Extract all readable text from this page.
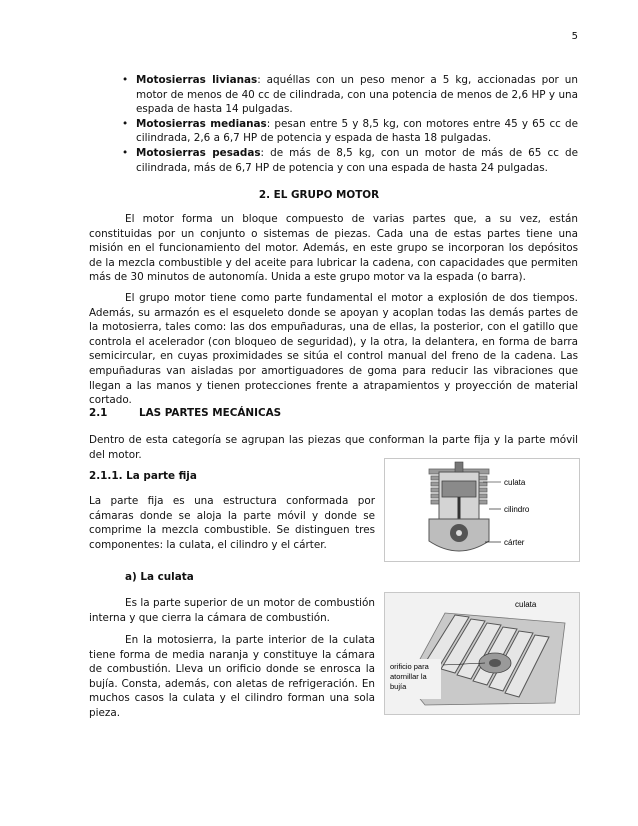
5
• Motosierras livianas: aquéllas con un peso menor a 5 kg, accionadas por un motor de menos de 40 cc de cilindrada, con una potencia de menos de 2,6 HP y una espada de hasta 14 pulgadas.
• Motosierras medianas: pesan entre 5 y 8,5 kg, con motores entre 45 y 65 cc de cilindrada, 2,6 a 6,7 HP de potencia y espada de hasta 18 pulgadas.
• Motosierras pesadas: de más de 8,5 kg, con un motor de más de 65 cc de cilindrada, más de 6,7 HP de potencia y con una espada de hasta 24 pulgadas.
2. EL GRUPO MOTOR
El motor forma un bloque compuesto de varias partes que, a su vez, están constituidas por un conjunto o sistemas de piezas. Cada una de estas partes tiene una misión en el funcionamiento del motor. Además, en este grupo se incorporan los depósitos de la mezcla combustible y del aceite para lubricar la cadena, con capacidades que permiten más de 30 minutos de autonomía. Unida a este grupo motor va la espada (o barra).
El grupo motor tiene como parte fundamental el motor a explosión de dos tiempos. Además, su armazón es el esqueleto donde se apoyan y acoplan todas las demás partes de la motosierra, tales como: las dos empuñaduras, una de ellas, la posterior, con el gatillo que controla el acelerador (con bloqueo de seguridad), y la otra, la delantera, en forma de barra semicircular, en cuyas proximidades se sitúa el control manual del freno de la cadena. Las empuñaduras van aisladas por amortiguadores de goma para reducir las vibraciones que llegan a las manos y tienen protecciones frente a atrapamientos y proyección de material cortado.
2.1	LAS PARTES MECÁNICAS
Dentro de esta categoría se agrupan las piezas que conforman la parte fija y la parte móvil del motor.
2.1.1. La parte fija
La parte fija es una estructura conformada por cámaras donde se aloja la parte móvil y donde se comprime la mezcla combustible. Se distinguen tres componentes: la culata, el cilindro y el cárter.
a) La culata
Es la parte superior de un motor de combustión interna y que cierra la cámara de combustión.
En la motosierra, la parte interior de la culata tiene forma de media naranja y constituye la cámara de combustión. Lleva un orificio donde se enrosca la bujía. Consta, además, con aletas de refrigeración. En muchos casos la culata y el cilindro forman una sola pieza.
culata
cilindro
cárter
culata
orificio para
atornillar la
bujía
